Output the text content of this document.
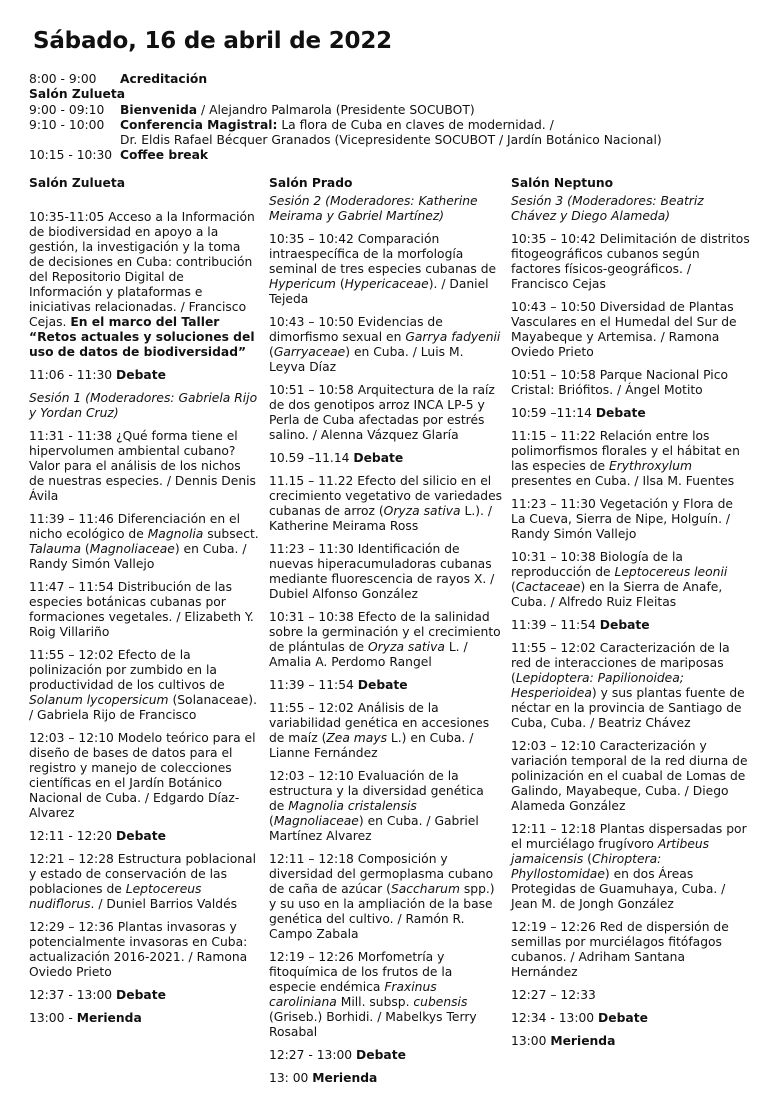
Sábado, 16 de abril de 2022
8:00 - 9:00	Acreditación
Salón Zulueta
9:00 - 09:10	Bienvenida / Alejandro Palmarola (Presidente SOCUBOT)
9:10 - 10:00	Conferencia Magistral: La flora de Cuba en claves de modernidad. /
Dr. Eldis Rafael Bécquer Granados (Vicepresidente SOCUBOT / Jardín Botánico Nacional)
10:15 - 10:30 Coffee break

Salón Zulueta

10:35-11:05 Acceso a la Información de biodiversidad en apoyo a la gestión, la investigación y la toma de decisiones en Cuba: contribución del Repositorio Digital de Información y plataformas e iniciativas relacionadas. / Francisco Cejas. En el marco del Taller “Retos actuales y soluciones del uso de datos de biodiversidad”

11:06 - 11:30 Debate

Sesión 1 (Moderadores: Gabriela Rijo y Yordan Cruz)

11:31 - 11:38 ¿Qué forma tiene el hipervolumen ambiental cubano? Valor para el análisis de los nichos de nuestras especies. / Dennis Denis Ávila

11:39 – 11:46 Diferenciación en el nicho ecológico de Magnolia subsect. Talauma (Magnoliaceae) en Cuba. / Randy Simón Vallejo

11:47 – 11:54 Distribución de las especies botánicas cubanas por formaciones vegetales. / Elizabeth Y. Roig Villariño

11:55 – 12:02 Efecto de la polinización por zumbido en la productividad de los cultivos de Solanum lycopersicum (Solanaceae). / Gabriela Rijo de Francisco

12:03 – 12:10 Modelo teórico para el diseño de bases de datos para el registro y manejo de colecciones científicas en el Jardín Botánico Nacional de Cuba. / Edgardo Díaz-Alvarez

12:11 - 12:20 Debate

12:21 – 12:28 Estructura poblacional y estado de conservación de las poblaciones de Leptocereus nudiflorus. / Duniel Barrios Valdés

12:29 – 12:36 Plantas invasoras y potencialmente invasoras en Cuba: actualización 2016-2021. / Ramona Oviedo Prieto

12:37 - 13:00 Debate

13:00 - Merienda

Salón Prado

Sesión 2 (Moderadores: Katherine Meirama y Gabriel Martínez)

10:35 – 10:42 Comparación intraespecífica de la morfología seminal de tres especies cubanas de Hypericum (Hypericaceae). / Daniel Tejeda

10:43 – 10:50 Evidencias de dimorfismo sexual en Garrya fadyenii (Garryaceae) en Cuba. / Luis M. Leyva Díaz

10:51 – 10:58 Arquitectura de la raíz de dos genotipos arroz INCA LP-5 y Perla de Cuba afectadas por estrés salino. / Alenna Vázquez Glaría

10.59 –11.14 Debate

11.15 – 11.22 Efecto del silicio en el crecimiento vegetativo de variedades cubanas de arroz (Oryza sativa L.). / Katherine Meirama Ross

11:23 – 11:30 Identificación de nuevas hiperacumuladoras cubanas mediante fluorescencia de rayos X. / Dubiel Alfonso González

10:31 – 10:38 Efecto de la salinidad sobre la germinación y el crecimiento de plántulas de Oryza sativa L. / Amalia A. Perdomo Rangel

11:39 – 11:54 Debate

11:55 – 12:02 Análisis de la variabilidad genética en accesiones de maíz (Zea mays L.) en Cuba. / Lianne Fernández

12:03 – 12:10 Evaluación de la estructura y la diversidad genética de Magnolia cristalensis (Magnoliaceae) en Cuba. / Gabriel Martínez Alvarez

12:11 – 12:18 Composición y diversidad del germoplasma cubano de caña de azúcar (Saccharum spp.) y su uso en la ampliación de la base genética del cultivo. / Ramón R. Campo Zabala

12:19 – 12:26 Morfometría y fitoquímica de los frutos de la especie endémica Fraxinus caroliniana Mill. subsp. cubensis (Griseb.) Borhidi. / Mabelkys Terry Rosabal

12:27 - 13:00 Debate

13: 00 Merienda

Salón Neptuno

Sesión 3 (Moderadores: Beatriz Chávez y Diego Alameda)

10:35 – 10:42 Delimitación de distritos fitogeográficos cubanos según factores físicos-geográficos. / Francisco Cejas

10:43 – 10:50 Diversidad de Plantas Vasculares en el Humedal del Sur de Mayabeque y Artemisa. / Ramona Oviedo Prieto

10:51 – 10:58 Parque Nacional Pico Cristal: Briófitos. / Ángel Motito

10:59 –11:14 Debate

11:15 – 11:22 Relación entre los polimorfismos florales y el hábitat en las especies de Erythroxylum presentes en Cuba. / Ilsa M. Fuentes

11:23 – 11:30 Vegetación y Flora de La Cueva, Sierra de Nipe, Holguín. / Randy Simón Vallejo

10:31 – 10:38 Biología de la reproducción de Leptocereus leonii (Cactaceae) en la Sierra de Anafe, Cuba. / Alfredo Ruiz Fleitas

11:39 – 11:54 Debate

11:55 – 12:02 Caracterización de la red de interacciones de mariposas (Lepidoptera: Papilionoidea; Hesperioidea) y sus plantas fuente de néctar en la provincia de Santiago de Cuba, Cuba. / Beatriz Chávez

12:03 – 12:10 Caracterización y variación temporal de la red diurna de polinización en el cuabal de Lomas de Galindo, Mayabeque, Cuba. / Diego Alameda González

12:11 – 12:18 Plantas dispersadas por el murciélago frugívoro Artibeus jamaicensis (Chiroptera: Phyllostomidae) en dos Áreas Protegidas de Guamuhaya, Cuba. / Jean M. de Jongh González

12:19 – 12:26 Red de dispersión de semillas por murciélagos fitófagos cubanos. / Adriham Santana Hernández

12:27 – 12:33

12:34 - 13:00 Debate

13:00 Merienda
